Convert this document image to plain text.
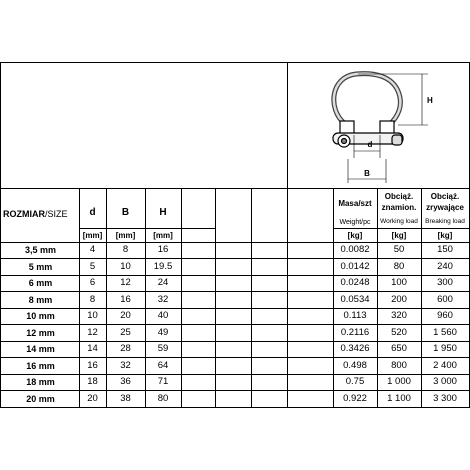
ROZMIAR/SIZE d	B	H
[mm] [mm] [mm]
Masa/szt
Weight/pc
Obciąż.
znamion.
Working load
Obciąż.
zrywające
Breaking load
[kg]	[kg]	[kg]
H
d
B
3,5 mm	4	8	16	0.0082	50	150
5 mm	5	10	19.5	0.0142	80	240
6 mm	6	12	24	0.0248	100	300
8 mm	8	16	32	0.0534	200	600
10 mm	10	20	40	0.113	320	960
12 mm	12	25	49	0.2116	520	1 560
14 mm	14	28	59	0.3426	650	1 950
16 mm	16	32	64	0.498	800	2 400
18 mm	18	36	71	0.75	1 000	3 000
20 mm	20	38	80	0.922	1 100	3 300
